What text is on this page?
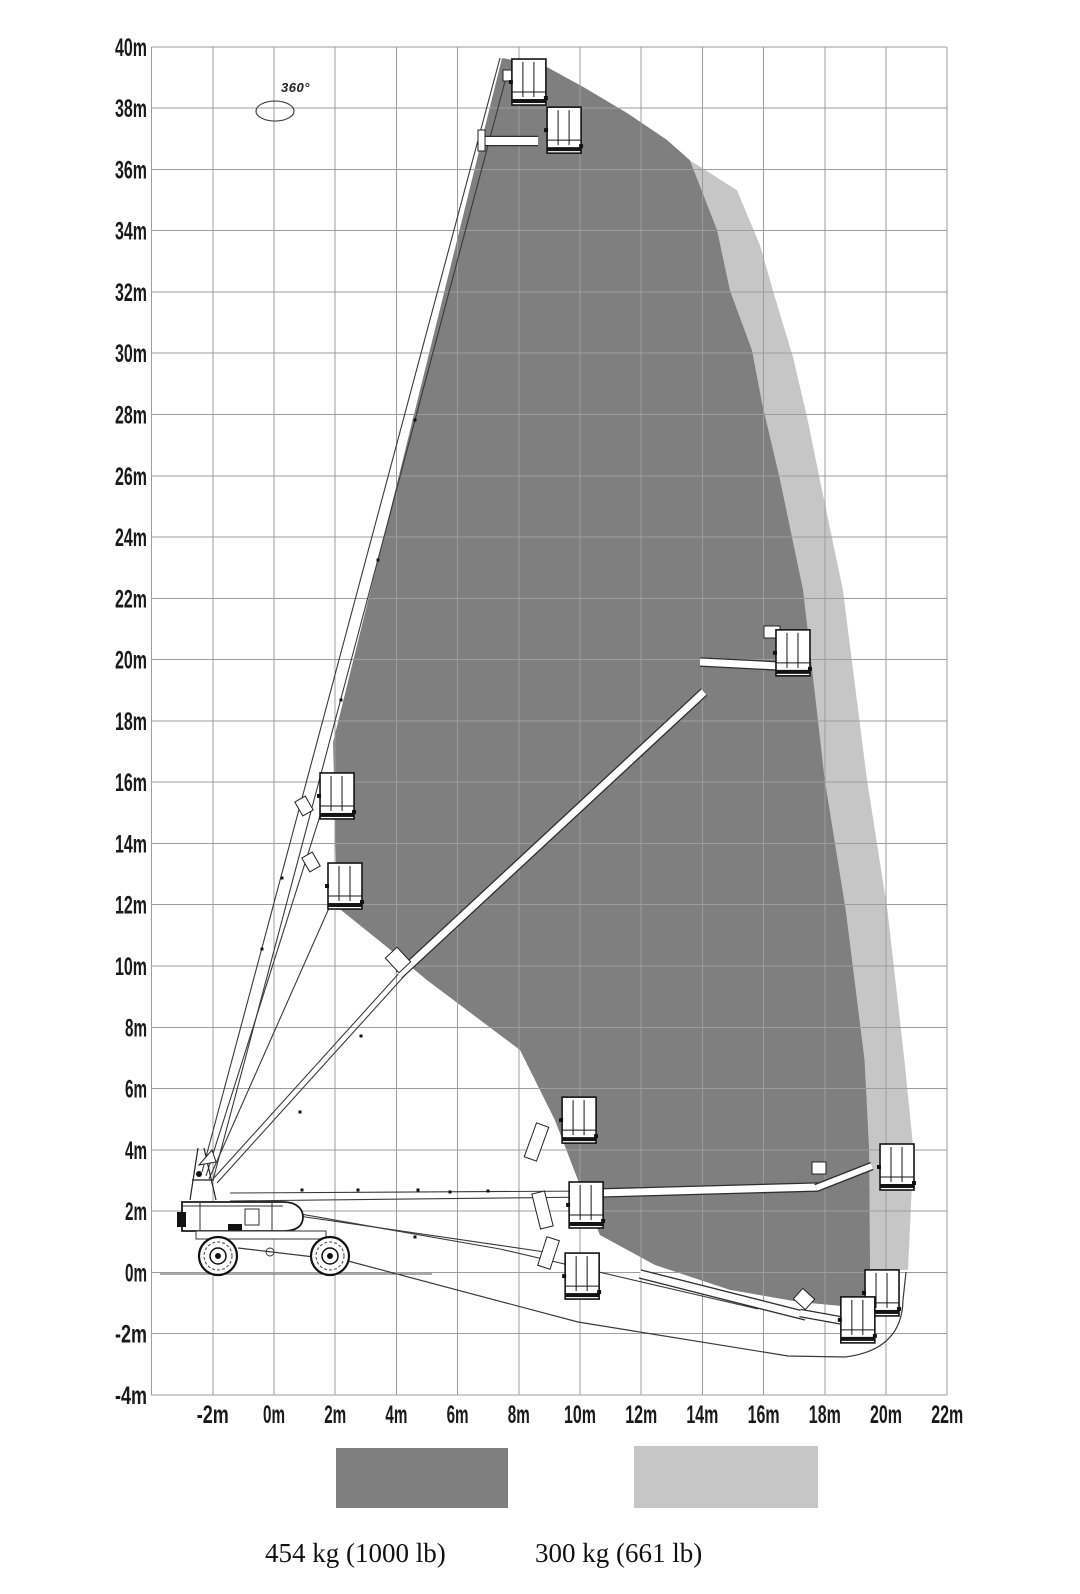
40m
38m
36m
34m
32m
30m
28m
26m
24m
22m
20m
18m
16m
14m
12m
10m
8m
6m
4m
2m
0m
-2m
-4m
-2m 0m 2m 4m 6m 8m 10m 12m 14m 16m 18m 20m 22m
360°
454 kg (1000 lb)	300 kg (661 lb)
